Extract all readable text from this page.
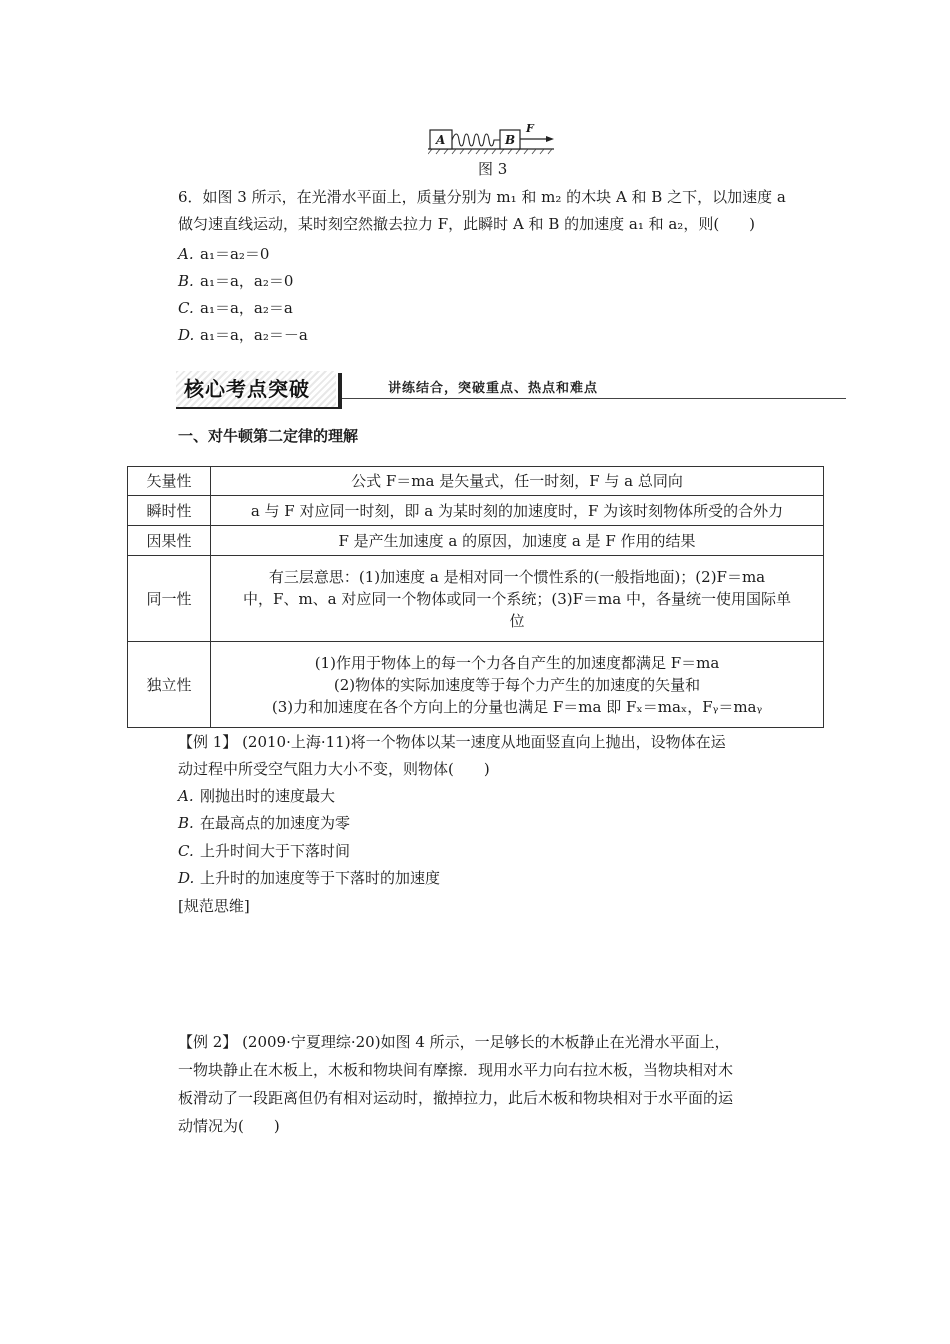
A	B
F
图 3
6．如图 3 所示，在光滑水平面上，质量分别为 m₁ 和 m₂ 的木块 A 和 B 之下，以加速度 a
做匀速直线运动，某时刻空然撤去拉力 F，此瞬时 A 和 B 的加速度 a₁ 和 a₂，则(　　)
A. a₁＝a₂＝0
B. a₁＝a，a₂＝0
C. a₁＝a，a₂＝a
D. a₁＝a，a₂＝－a
核心考点突破	讲练结合，突破重点、热点和难点
一、对牛顿第二定律的理解
矢量性	公式 F＝ma 是矢量式，任一时刻，F 与 a 总同向

瞬时性	a 与 F 对应同一时刻，即 a 为某时刻的加速度时，F 为该时刻物体所受的合外力

因果性	F 是产生加速度 a 的原因，加速度 a 是 F 作用的结果

同一性	有三层意思：(1)加速度 a 是相对同一个惯性系的(一般指地面)；(2)F＝ma
中，F、m、a 对应同一个物体或同一个系统；(3)F＝ma 中，各量统一使用国际单
位

独立性	(1)作用于物体上的每一个力各自产生的加速度都满足 F＝ma
(2)物体的实际加速度等于每个力产生的加速度的矢量和
(3)力和加速度在各个方向上的分量也满足 F＝ma 即 Fₓ＝maₓ，Fᵧ＝maᵧ
【例 1】 (2010·上海·11)将一个物体以某一速度从地面竖直向上抛出，设物体在运
动过程中所受空气阻力大小不变，则物体(　　)
A. 刚抛出时的速度最大
B. 在最高点的加速度为零
C. 上升时间大于下落时间
D. 上升时的加速度等于下落时的加速度
[规范思维]
【例 2】 (2009·宁夏理综·20)如图 4 所示，一足够长的木板静止在光滑水平面上，
一物块静止在木板上，木板和物块间有摩擦．现用水平力向右拉木板，当物块相对木
板滑动了一段距离但仍有相对运动时，撤掉拉力，此后木板和物块相对于水平面的运
动情况为(　　)
